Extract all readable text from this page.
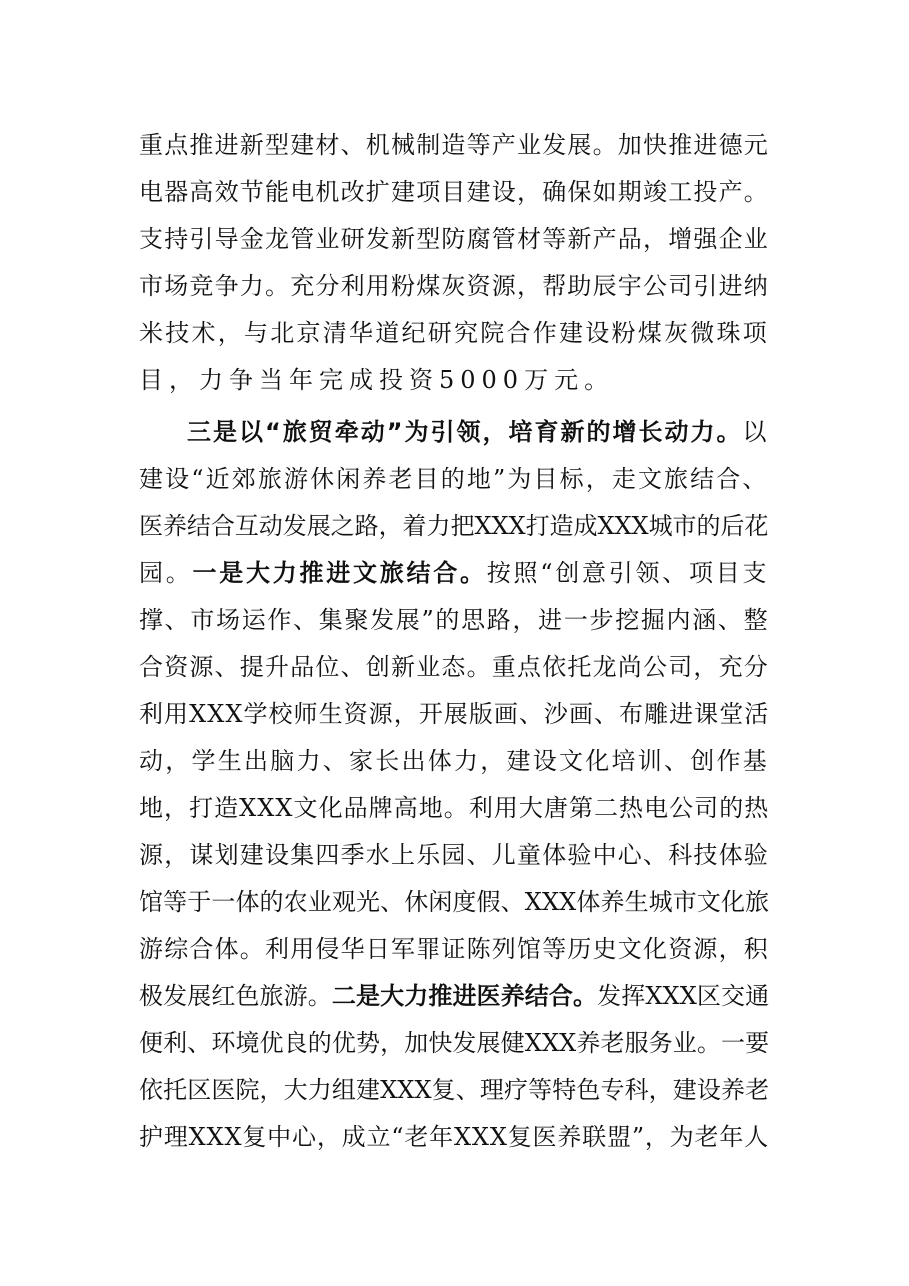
重点推进新型建材、机械制造等产业发展。加快推进德元
电器高效节能电机改扩建项目建设，确保如期竣工投产。
支持引导金龙管业研发新型防腐管材等新产品，增强企业
市场竞争力。充分利用粉煤灰资源，帮助辰宇公司引进纳
米技术，与北京清华道纪研究院合作建设粉煤灰微珠项
目，力争当年完成投资5000万元。
三是以“旅贸牵动”为引领，培育新的增长动力。以
建设“近郊旅游休闲养老目的地”为目标，走文旅结合、
医养结合互动发展之路，着力把XXX打造成XXX城市的后花
园。一是大力推进文旅结合。按照“创意引领、项目支
撑、市场运作、集聚发展”的思路，进一步挖掘内涵、整
合资源、提升品位、创新业态。重点依托龙尚公司，充分
利用XXX学校师生资源，开展版画、沙画、布雕进课堂活
动，学生出脑力、家长出体力，建设文化培训、创作基
地，打造XXX文化品牌高地。利用大唐第二热电公司的热
源，谋划建设集四季水上乐园、儿童体验中心、科技体验
馆等于一体的农业观光、休闲度假、XXX体养生城市文化旅
游综合体。利用侵华日军罪证陈列馆等历史文化资源，积
极发展红色旅游。二是大力推进医养结合。发挥XXX区交通
便利、环境优良的优势，加快发展健XXX养老服务业。一要
依托区医院，大力组建XXX复、理疗等特色专科，建设养老
护理XXX复中心，成立“老年XXX复医养联盟”，为老年人
